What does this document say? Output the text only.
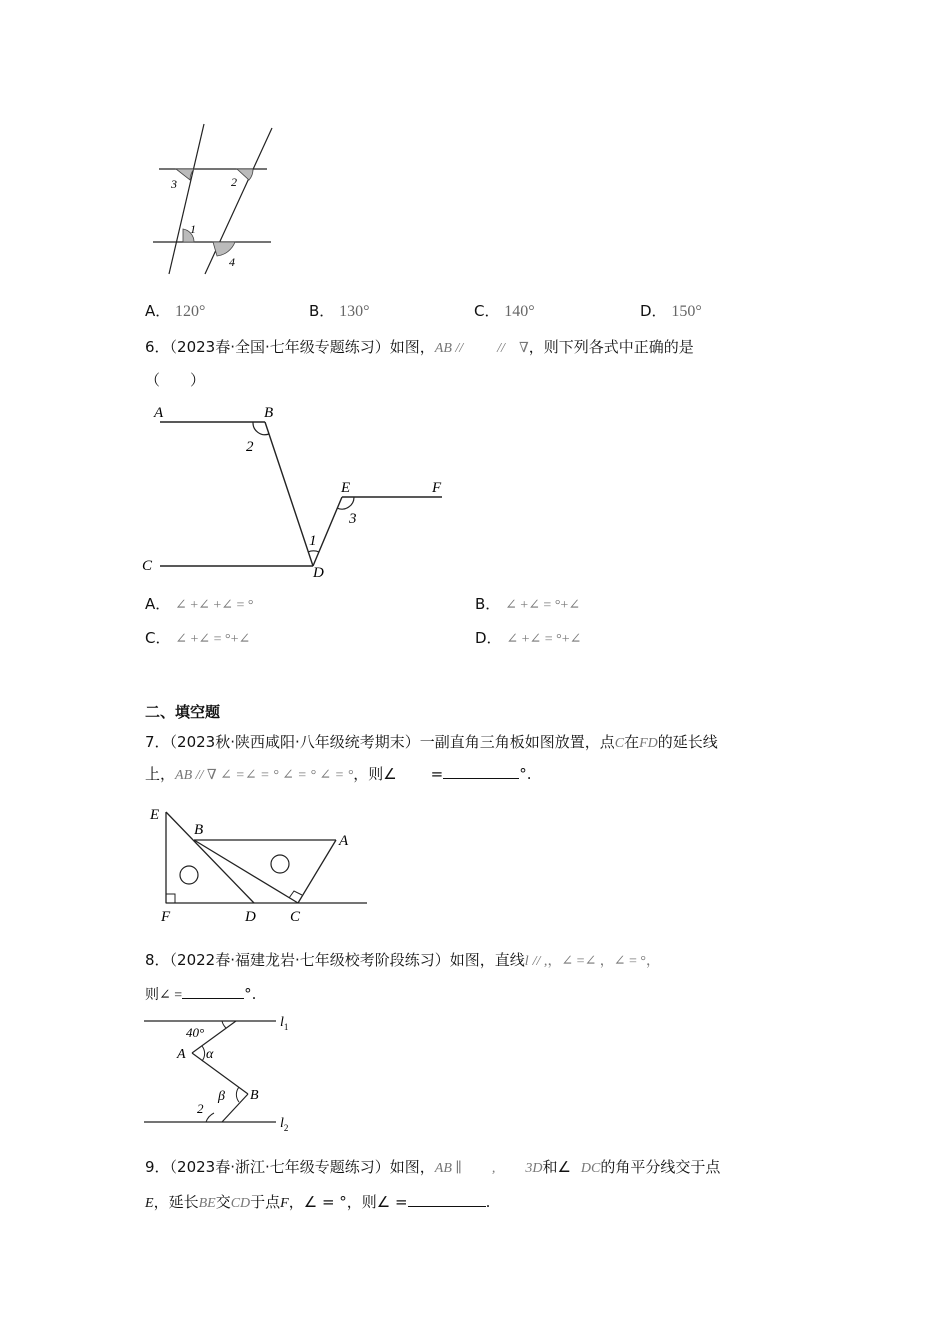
3	2
1
4
A． 120°	B． 130°	C． 140°	D． 150°
6．（2023春·全国·七年级专题练习）如图，AB // // ∇，则下列各式中正确的是
（　　）
A	B
2
E	F
3
1
C	D
A． ∠ +∠ +∠ = °	B． ∠ +∠ = °+∠
C． ∠ +∠ = °+∠	D． ∠ +∠ = °+∠
二、填空题
7．（2023秋·陕西咸阳·八年级统考期末）一副直角三角板如图放置，点C在FD的延长线
上，AB // ∇ ∠ =∠ = ° ∠ = ° ∠ = °，则∠ =	°.
E
B
A
F	D C
8．（2022春·福建龙岩·七年级校考阶段练习）如图，直线l // ,，∠ =∠ ，∠ = °，
则∠ =	°.
$l_1$
40°
A α
β B
2
$l_2$
9．（2023春·浙江·七年级专题练习）如图，AB ∥ , 3D和∠ DC的角平分线交于点
E，延长BE交CD于点F，∠ = °，则∠ =	.
